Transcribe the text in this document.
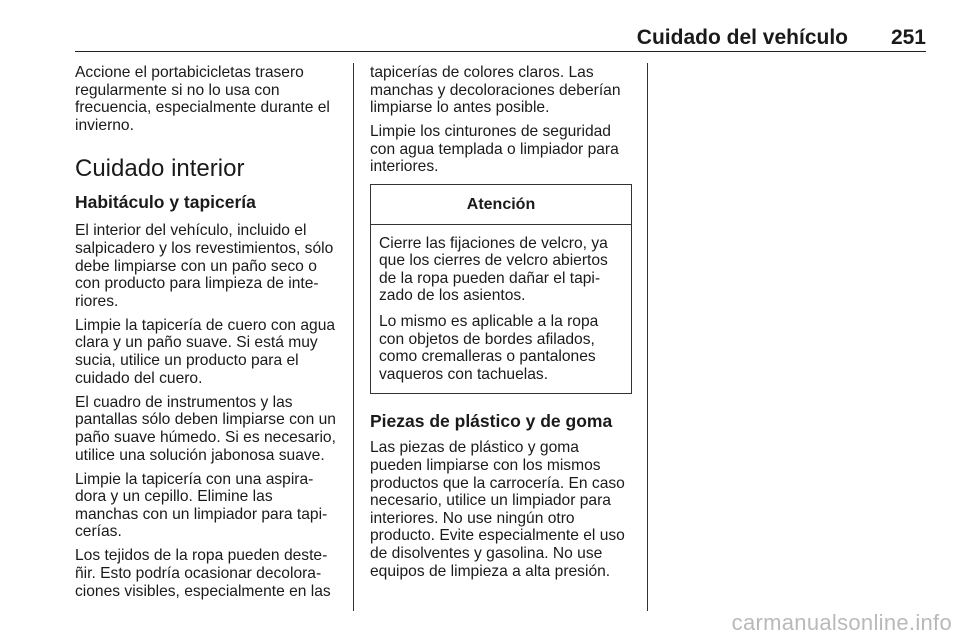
Cuidado del vehículo 251

Accione el portabicicletas trasero
regularmente si no lo usa con
frecuencia, especialmente durante el
invierno.

Cuidado interior
Habitáculo y tapicería

El interior del vehículo, incluido el
salpicadero y los revestimientos, sólo
debe limpiarse con un paño seco o
con producto para limpieza de inte-
riores.

Limpie la tapicería de cuero con agua
clara y un paño suave. Si está muy
sucia, utilice un producto para el
cuidado del cuero.

El cuadro de instrumentos y las
pantallas sólo deben limpiarse con un
paño suave húmedo. Si es necesario,
utilice una solución jabonosa suave.

Limpie la tapicería con una aspira-
dora y un cepillo. Elimine las
manchas con un limpiador para tapi-
cerías.

Los tejidos de la ropa pueden deste-
ñir. Esto podría ocasionar decolora-
ciones visibles, especialmente en las

tapicerías de colores claros. Las
manchas y decoloraciones deberían
limpiarse lo antes posible.

Limpie los cinturones de seguridad
con agua templada o limpiador para
interiores.

Atención

Cierre las fijaciones de velcro, ya
que los cierres de velcro abiertos
de la ropa pueden dañar el tapi-
zado de los asientos.

Lo mismo es aplicable a la ropa
con objetos de bordes afilados,
como cremalleras o pantalones
vaqueros con tachuelas.

Piezas de plástico y de goma

Las piezas de plástico y goma
pueden limpiarse con los mismos
productos que la carrocería. En caso
necesario, utilice un limpiador para
interiores. No use ningún otro
producto. Evite especialmente el uso
de disolventes y gasolina. No use
equipos de limpieza a alta presión.

carmanualsonline.info
